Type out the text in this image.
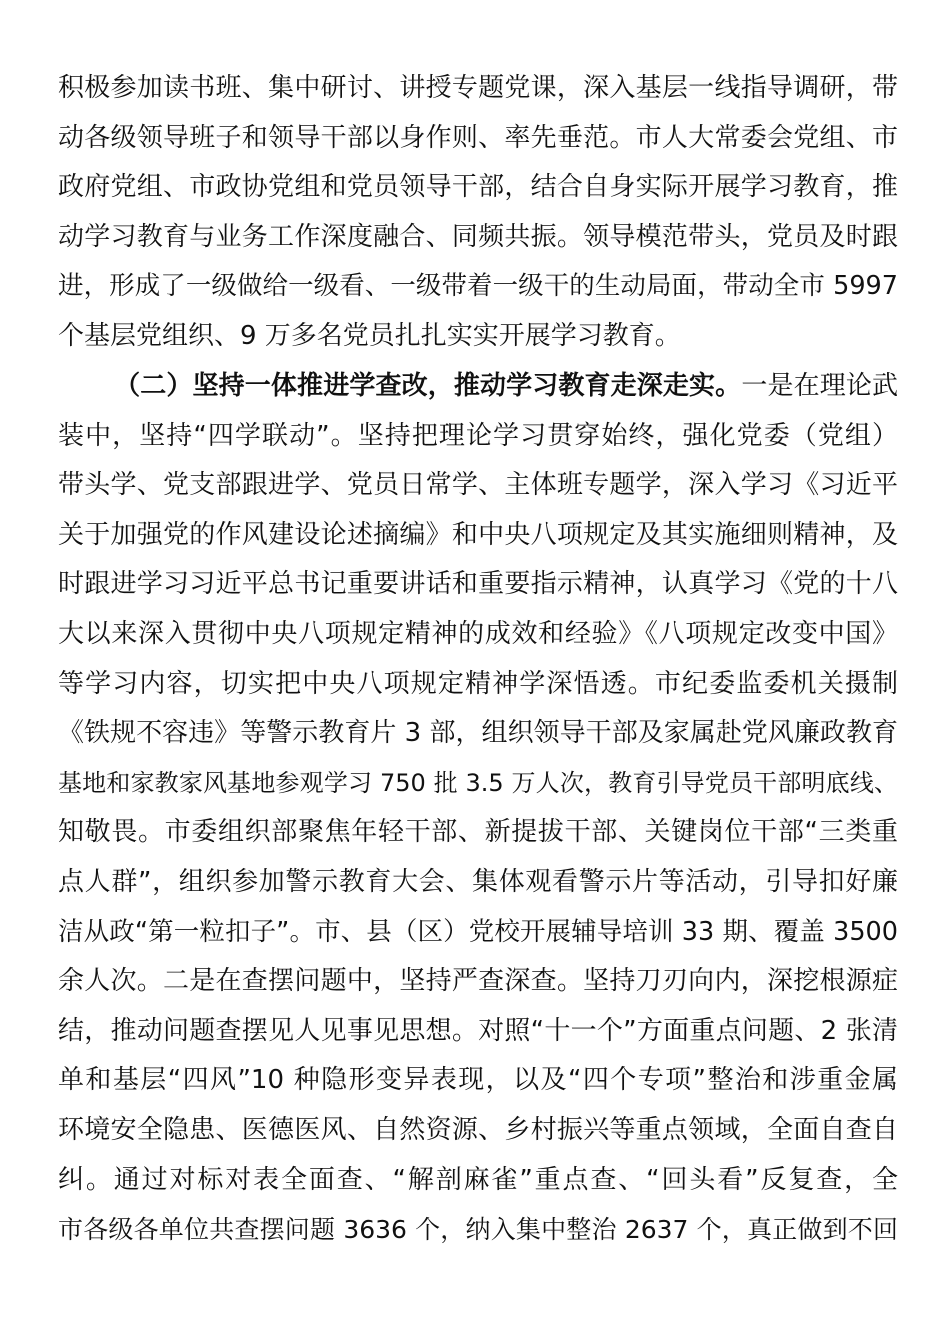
积极参加读书班、集中研讨、讲授专题党课，深入基层一线指导调研，带
动各级领导班子和领导干部以身作则、率先垂范。市人大常委会党组、市
政府党组、市政协党组和党员领导干部，结合自身实际开展学习教育，推
动学习教育与业务工作深度融合、同频共振。领导模范带头，党员及时跟
进，形成了一级做给一级看、一级带着一级干的生动局面，带动全市 5997
个基层党组织、9 万多名党员扎扎实实开展学习教育。
（二）坚持一体推进学查改，推动学习教育走深走实。一是在理论武
装中，坚持“四学联动”。坚持把理论学习贯穿始终，强化党委（党组）
带头学、党支部跟进学、党员日常学、主体班专题学，深入学习《习近平
关于加强党的作风建设论述摘编》和中央八项规定及其实施细则精神，及
时跟进学习习近平总书记重要讲话和重要指示精神，认真学习《党的十八
大以来深入贯彻中央八项规定精神的成效和经验》《八项规定改变中国》
等学习内容，切实把中央八项规定精神学深悟透。市纪委监委机关摄制
《铁规不容违》等警示教育片 3 部，组织领导干部及家属赴党风廉政教育
基地和家教家风基地参观学习 750 批 3.5 万人次，教育引导党员干部明底线、
知敬畏。市委组织部聚焦年轻干部、新提拔干部、关键岗位干部“三类重
点人群”，组织参加警示教育大会、集体观看警示片等活动，引导扣好廉
洁从政“第一粒扣子”。市、县（区）党校开展辅导培训 33 期、覆盖 3500
余人次。二是在查摆问题中，坚持严查深查。坚持刀刃向内，深挖根源症
结，推动问题查摆见人见事见思想。对照“十一个”方面重点问题、2 张清
单和基层“四风”10 种隐形变异表现，以及“四个专项”整治和涉重金属
环境安全隐患、医德医风、自然资源、乡村振兴等重点领域，全面自查自
纠。通过对标对表全面查、“解剖麻雀”重点查、“回头看”反复查，全
市各级各单位共查摆问题 3636 个，纳入集中整治 2637 个，真正做到不回
